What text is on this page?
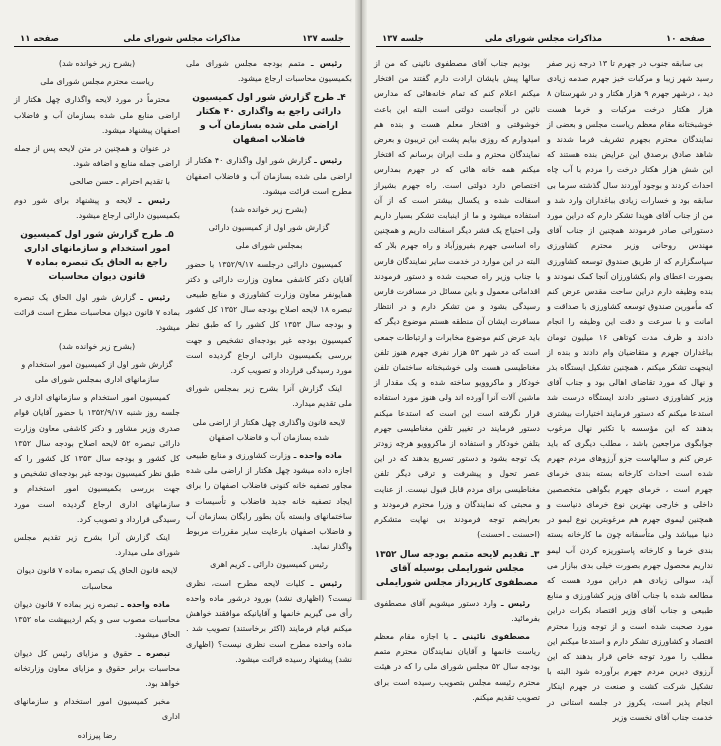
صفحه ۱۱	مذاکرات مجلس شورای ملی	جلسه ۱۳۷
رئیس ـ متمم بودجه مجلس شورای ملی بکمیسیون محاسبات ارجاع میشود.
۴ـ طرح گزارش شور اول کمیسیون دارائی راجع به واگذاری ۴۰ هکتار اراضی ملی شده بسازمان آب و فاضلاب اصفهان
رئیس ـ گزارش شور اول واگذاری ۴۰ هکتار از اراضی ملی شده بسازمان آب و فاضلاب اصفهان مطرح است قرائت میشود.
(بشرح زیر خوانده شد)
گزارش شور اول از کمیسیون دارائی
بمجلس شورای ملی
کمیسیون دارائی درجلسه ۱۳۵۲/۹/۱۷ با حضور آقایان دکتر کاشفی معاون وزارت دارائی و دکتر همایونفر معاون وزارت کشاورزی و منابع طبیعی تبصره ۱۸ لایحه اصلاح بودجه سال ۱۳۵۲ کل کشور و بودجه سال ۱۳۵۳ کل کشور را که طبق نظر کمیسیون بودجه غیر بودجه‌ای تشخیص و جهت بررسی بکمیسیون دارائی ارجاع گردیده است مورد رسیدگی قرارداد و تصویب کرد.
اینک گزارش آنرا بشرح زیر بمجلس شورای ملی تقدیم میدارد.
لایحه قانون واگذاری چهل هکتار از اراضی ملی شده بسازمان آب و فاضلاب اصفهان
ماده واحده ـ وزارت کشاورزی و منابع طبیعی اجازه داده میشود چهل هکتار از اراضی ملی شده مجاور تصفیه خانه کنونی فاضلاب اصفهان را برای ایجاد تصفیه خانه جدید فاضلاب و تأسیسات و ساختمانهای وابسته بآن بطور رایگان بسازمان آب و فاضلاب اصفهان بارعایت سایر مقررات مربوط واگذار نماید.
رئیس کمیسیون دارائی ـ کریم اهری
رئیس ـ کلیات لایحه مطرح است، نظری نیست؟ (اظهاری نشد) بورود درشور ماده واحده رأی می گیریم خانمها و آقایانیکه موافقند خواهش میکنم قیام فرمایند (اکثر برخاستند) تصویب شد . ماده واحده مطرح است نظری نیست؟ (اظهاری نشد) پیشنهاد رسیده قرائت میشود.
(بشرح زیر خوانده شد)
ریاست محترم مجلس شورای ملی
محترماً در مورد لایحه واگذاری چهل هکتار از اراضی منابع ملی شده بسازمان آب و فاضلاب اصفهان پیشنهاد میشود.
در عنوان و همچنین در متن لایحه پس از جمله اراضی جمله منابع و اضافه شود.
با تقدیم احترام ـ حسن صالحی
رئیس ـ لایحه و پیشنهاد برای شور دوم بکمیسیون دارائی ارجاع میشود.
۵ـ طرح گزارش شور اول کمیسیون امور استخدام و سازمانهای اداری راجع به الحاق یک تبصره بماده ۷ قانون دیوان محاسبات
رئیس ـ گزارش شور اول الحاق یک تبصره بماده ۷ قانون دیوان محاسبات مطرح است قرائت میشود.
(بشرح زیر خوانده شد)
گزارش شور اول از کمیسیون امور استخدام و سازمانهای اداری بمجلس شورای ملی
کمیسیون امور استخدام و سازمانهای اداری در جلسه روز شنبه ۱۳۵۲/۹/۱۷ با حضور آقایان قوام صدری وزیر مشاور و دکتر کاشفی معاون وزارت دارائی تبصره ۵۲ لایحه اصلاح بودجه سال ۱۳۵۲ کل کشور و بودجه سال ۱۳۵۳ کل کشور را که طبق نظر کمیسیون بودجه غیر بودجه‌ای تشخیص و جهت بررسی بکمیسیون امور استخدام و سازمانهای اداری ارجاع گردیده است مورد رسیدگی قرارداد و تصویب کرد.
اینک گزارش آنرا بشرح زیر تقدیم مجلس شورای ملی میدارد.
لایحه قانون الحاق یک تبصره بماده ۷ قانون دیوان محاسبات
ماده واحده ـ تبصره زیر بماده ۷ قانون دیوان محاسبات مصوب سی و یکم اردیبهشت ماه ۱۳۵۲ الحاق میشود.
تبصره ـ حقوق و مزایای رئیس کل دیوان محاسبات برابر حقوق و مزایای معاون وزارتخانه خواهد بود.
مخبر کمیسیون امور استخدام و سازمانهای اداری
رضا پیرزاده
جلسه ۱۳۷	مذاکرات مجلس شورای ملی	صفحه ۱۰
بی سابقه جنوب در جهرم تا ۱۳ درجه زیر صفر رسید شهر زیبا و مرکبات خیز جهرم صدمه زیادی دید ، درشهر جهرم ۹ هزار هکتار و در شهرستان ۸ هزار هکتار درخت مرکبات و خرما هست خوشبختانه مقام معظم ریاست مجلس و بعضی از نمایندگان محترم بجهرم تشریف فرما شدند و شاهد صادق برصدق این عرایض بنده هستند که این شش هزار هکتار درخت را مردم با آب چاه احداث کردند و بوجود آوردند سال گذشته سرما بی سابقه بود و خسارات زیادی بباغداران وارد شد و من از جناب آقای هویدا تشکر دارم که دراین مورد دستوراتی صادر فرمودند همچنین از جناب آقای مهندس روحانی وزیر محترم کشاورزی سپاسگزارم که از طریق صندوق توسعه کشاورزی بصورت اعطای وام بکشاورزان آنجا کمک نمودند و بنده وظیفه دارم دراین ساحت مقدس عرض کنم که مأمورین صندوق توسعه کشاورزی با صداقت و امانت و با سرعت و دقت این وظیفه را انجام دادند و ظرف مدت کوتاهی ۱۶ میلیون تومان بباغداران جهرم و متقاضیان وام دادند و بنده از اینجهت تشکر میکنم ، همچنین تشکیل ایستگاه بذر و نهال که مورد تقاضای اهالی بود و جناب آقای وزیر کشاورزی دستور دادند ایستگاه درست شد استدعا میکنم که دستور فرمایند اختیارات بیشتری بدهند که این مؤسسه با تکثیر نهال مرغوب جوابگوی مراجعین باشد ، مطلب دیگری که باید عرض کنم و سالهاست جزو آرزوهای مردم جهرم شده است احداث کارخانه بسته بندی خرمای جهرم است ، خرمای جهرم بگواهی متخصصین داخلی و خارجی بهترین نوع خرمای دنیاست و همچنین لیموی جهرم هم مرغوبترین نوع لیمو در دنیا میباشد ولی متأسفانه چون ما کارخانه بسته بندی خرما و کارخانه پاستوریزه کردن آب لیمو نداریم محصول جهرم بصورت خیلی بدی ببازار می آید، سوالی زیادی هم دراین مورد هست که مطالعه شده با جناب آقای وزیر کشاورزی و منابع طبیعی و جناب آقای وزیر اقتصاد بکرات دراین مورد صحبت شده است و از توجه وزرا محترم اقتصاد و کشاورزی تشکر دارم و استدعا میکنم این مطلب را مورد توجه خاص قرار بدهند که این آرزوی دیرین مردم جهرم برآورده شود البته با تشکیل شرکت کشت و صنعت در جهرم اینکار انجام پذیر است، یکروز در جلسه استانی در خدمت جناب آقای نخست وزیر
بودیم جناب آقای مصطفوی نائینی که من از سالها پیش بایشان ارادت دارم گفتند من افتخار میکنم اعلام کنم که تمام خانه‌هائی که مدارس نائین در آنجاست دولتی است البته این باعث خوشوقتی و افتخار معلم هست و بنده هم امیدوارم که روزی بیایم پشت این تریبون و بعرض نمایندگان محترم و ملت ایران برسانم که افتخار میکنم همه خانه هائی که در جهرم بمدارس اختصاص دارد دولتی است. راه جهرم بشیراز اسفالت شده و یکسال بیشتر است که از آن استفاده میشود و ما از اینبابت تشکر بسیار داریم ولی احتیاج یک قشر دیگر اسفالت داریم و همچنین راه اساسی جهرم بفیروزآباد و راه جهرم بلار که البته در این موارد در خدمت سایر نمایندگان فارس با جناب وزیر راه صحبت شده و دستور فرمودند اقداماتی معمول و باین مسائل در مسافرت فارس رسیدگی بشود و من تشکر دارم و در انتظار مسافرت ایشان آن منطقه هستم موضوع دیگر که باید عرض کنم موضوع مخابرات و ارتباطات جمعی است که در شهر ۵۳ هزار نفری جهرم هنوز تلفن مغناطیسی هست ولی خوشبختانه ساختمان تلفن خودکار و ماکروویو ساخته شده و یک مقدار از ماشین آلات آنرا آورده اند ولی هنوز مورد استفاده قرار نگرفته است این است که استدعا میکنم دستور فرمایند در تغییر تلفن مغناطیسی جهرم بتلفن خودکار و استفاده از ماکروویو هرچه زودتر یک توجه بشود و دستور تسریع بدهند که در این عصر تحول و پیشرفت و ترقی دیگر تلفن مغناطیسی برای مردم قابل قبول نیست. از عنایت و محبتی که نمایندگان و وزرا محترم فرمودند و بعرایضم توجه فرمودند بی نهایت متشکرم (احسنت ـ احسنت)
۳ـ تقدیم لایحه متمم بودجه سال ۱۳۵۲ مجلس شورایملی بوسیله آقای مصطفوی کارپرداز مجلس شورایملی
رئیس ـ وارد دستور میشویم آقای مصطفوی بفرمائید.
مصطفوی نائینی ـ با اجازه مقام معظم ریاست خانمها و آقایان نمایندگان محترم متمم بودجه سال ۵۲ مجلس شورای ملی را که در هیئت محترم رئیسه مجلس بتصویب رسیده است برای تصویب تقدیم میکنم.
